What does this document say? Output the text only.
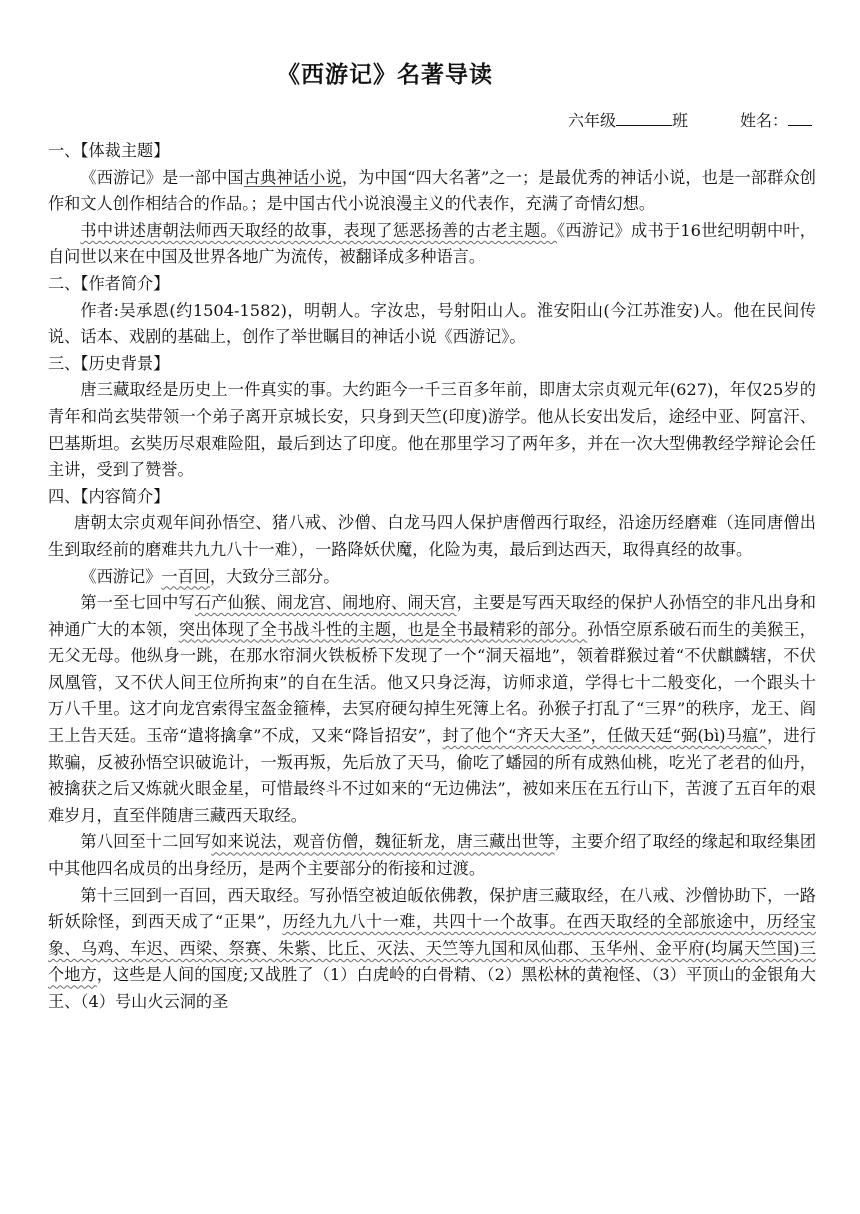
《西游记》名著导读
六年级	班	姓名：

一、【体裁主题】

《西游记》是一部中国古典神话小说，为中国“四大名著”之一；是最优秀的神话小说，也是一部群众创作和文人创作相结合的作品。；是中国古代小说浪漫主义的代表作，充满了奇情幻想。

书中讲述唐朝法师西天取经的故事，表现了惩恶扬善的古老主题。《西游记》成书于16世纪明朝中叶，自问世以来在中国及世界各地广为流传，被翻译成多种语言。

二、【作者简介】

作者:吴承恩(约1504-1582)，明朝人。字汝忠，号射阳山人。淮安阳山(今江苏淮安)人。他在民间传说、话本、戏剧的基础上，创作了举世瞩目的神话小说《西游记》。

三、【历史背景】

唐三藏取经是历史上一件真实的事。大约距今一千三百多年前，即唐太宗贞观元年(627)，年仅25岁的青年和尚玄奘带领一个弟子离开京城长安，只身到天竺(印度)游学。他从长安出发后，途经中亚、阿富汗、巴基斯坦。玄奘历尽艰难险阻，最后到达了印度。他在那里学习了两年多，并在一次大型佛教经学辩论会任主讲，受到了赞誉。

四、【内容简介】

唐朝太宗贞观年间孙悟空、猪八戒、沙僧、白龙马四人保护唐僧西行取经，沿途历经磨难（连同唐僧出生到取经前的磨难共九九八十一难），一路降妖伏魔，化险为夷，最后到达西天，取得真经的故事。

《西游记》一百回，大致分三部分。

第一至七回中写石产仙猴、闹龙宫、闹地府、闹天宫，主要是写西天取经的保护人孙悟空的非凡出身和神通广大的本领，突出体现了全书战斗性的主题，也是全书最精彩的部分。孙悟空原系破石而生的美猴王，无父无母。他纵身一跳，在那水帘洞火铁板桥下发现了一个“洞天福地”，领着群猴过着“不伏麒麟辖，不伏凤凰管，又不伏人间王位所拘束”的自在生活。他又只身泛海，访师求道，学得七十二般变化，一个跟头十万八千里。这才向龙宫索得宝盔金箍棒，去冥府硬勾掉生死簿上名。孙猴子打乱了“三界”的秩序，龙王、阎王上告天廷。玉帝“遣将擒拿”不成，又来“降旨招安”，封了他个“齐天大圣”，任做天廷“弼(bì)马瘟”，进行欺骗，反被孙悟空识破诡计，一叛再叛，先后放了天马，偷吃了蟠园的所有成熟仙桃，吃光了老君的仙丹，被擒获之后又炼就火眼金星，可惜最终斗不过如来的“无边佛法”，被如来压在五行山下，苦渡了五百年的艰难岁月，直至伴随唐三藏西天取经。

第八回至十二回写如来说法，观音仿僧，魏征斩龙，唐三藏出世等，主要介绍了取经的缘起和取经集团中其他四名成员的出身经历，是两个主要部分的衔接和过渡。

第十三回到一百回，西天取经。写孙悟空被迫皈依佛教，保护唐三藏取经，在八戒、沙僧协助下，一路斩妖除怪，到西天成了“正果”，历经九九八十一难，共四十一个故事。在西天取经的全部旅途中，历经宝象、乌鸡、车迟、西梁、祭赛、朱紫、比丘、灭法、天竺等九国和凤仙郡、玉华州、金平府(均属天竺国)三个地方，这些是人间的国度;又战胜了（1）白虎岭的白骨精、（2）黑松林的黄袍怪、（3）平顶山的金银角大王、（4）号山火云洞的圣
